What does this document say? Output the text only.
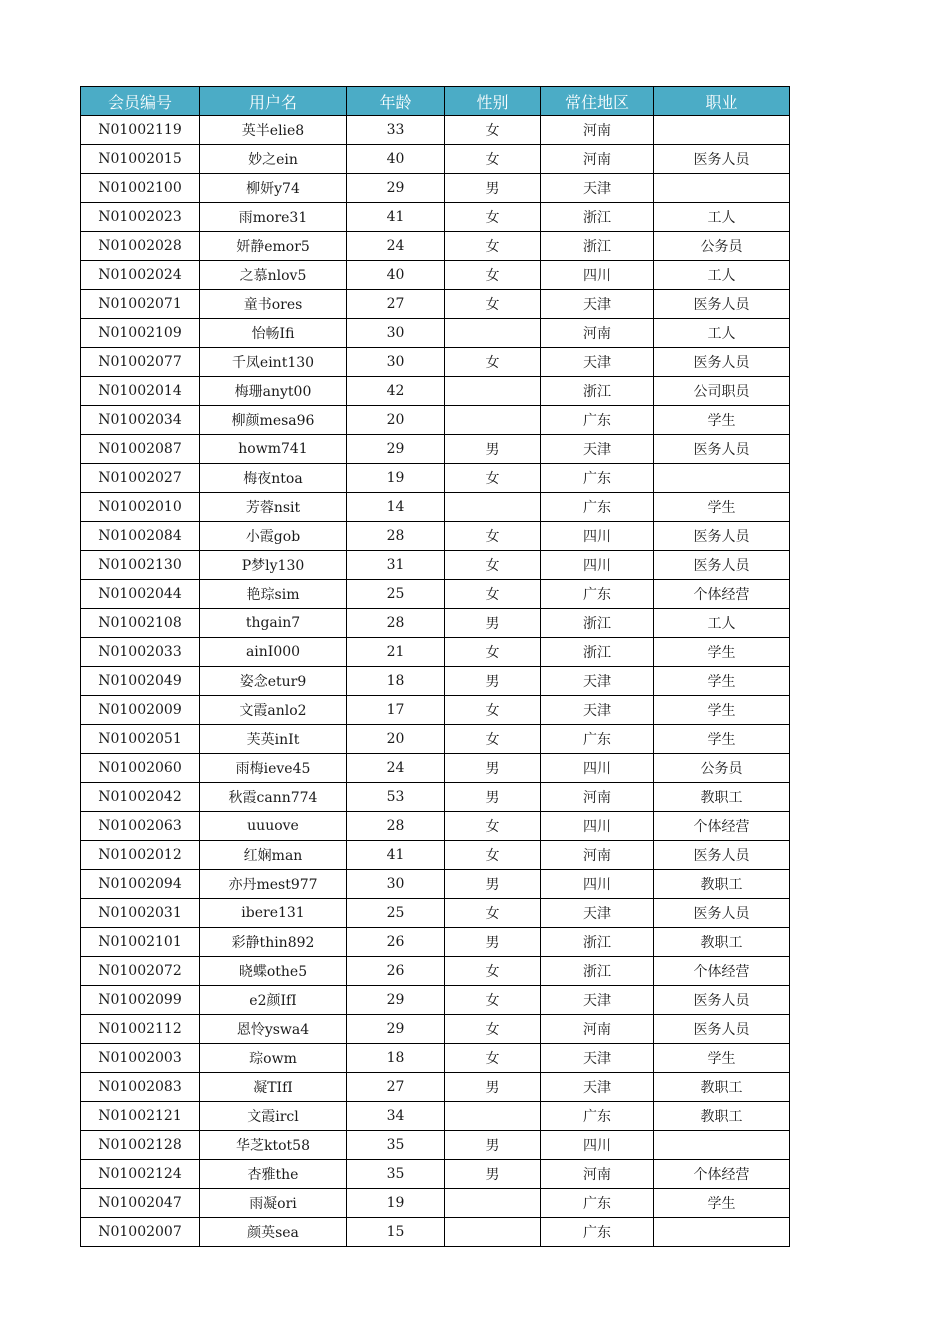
会员编号	用户名	年龄	性别	常住地区	职业
N01002119	英半elie8	33	女	河南	
N01002015	妙之ein	40	女	河南	医务人员
N01002100	柳妍y74	29	男	天津	
N01002023	雨more31	41	女	浙江	工人
N01002028	妍静emor5	24	女	浙江	公务员
N01002024	之慕nlov5	40	女	四川	工人
N01002071	童书ores	27	女	天津	医务人员
N01002109	怡畅Ifi	30		河南	工人
N01002077	千凤eint130	30	女	天津	医务人员
N01002014	梅珊anyt00	42		浙江	公司职员
N01002034	柳颜mesa96	20		广东	学生
N01002087	howm741	29	男	天津	医务人员
N01002027	梅夜ntoa	19	女	广东	
N01002010	芳蓉nsit	14		广东	学生
N01002084	小霞gob	28	女	四川	医务人员
N01002130	P梦ly130	31	女	四川	医务人员
N01002044	艳琮sim	25	女	广东	个体经营
N01002108	thgain7	28	男	浙江	工人
N01002033	ainI000	21	女	浙江	学生
N01002049	姿念etur9	18	男	天津	学生
N01002009	文霞anlo2	17	女	天津	学生
N01002051	芙英inIt	20	女	广东	学生
N01002060	雨梅ieve45	24	男	四川	公务员
N01002042	秋霞cann774	53	男	河南	教职工
N01002063	uuuove	28	女	四川	个体经营
N01002012	红娴man	41	女	河南	医务人员
N01002094	亦丹mest977	30	男	四川	教职工
N01002031	ibere131	25	女	天津	医务人员
N01002101	彩静thin892	26	男	浙江	教职工
N01002072	晓蝶othe5	26	女	浙江	个体经营
N01002099	e2颜IfI	29	女	天津	医务人员
N01002112	恩怜yswa4	29	女	河南	医务人员
N01002003	琮owm	18	女	天津	学生
N01002083	凝TIfI	27	男	天津	教职工
N01002121	文霞ircl	34		广东	教职工
N01002128	华芝ktot58	35	男	四川	
N01002124	杏雅the	35	男	河南	个体经营
N01002047	雨凝ori	19		广东	学生
N01002007	颜英sea	15		广东	
